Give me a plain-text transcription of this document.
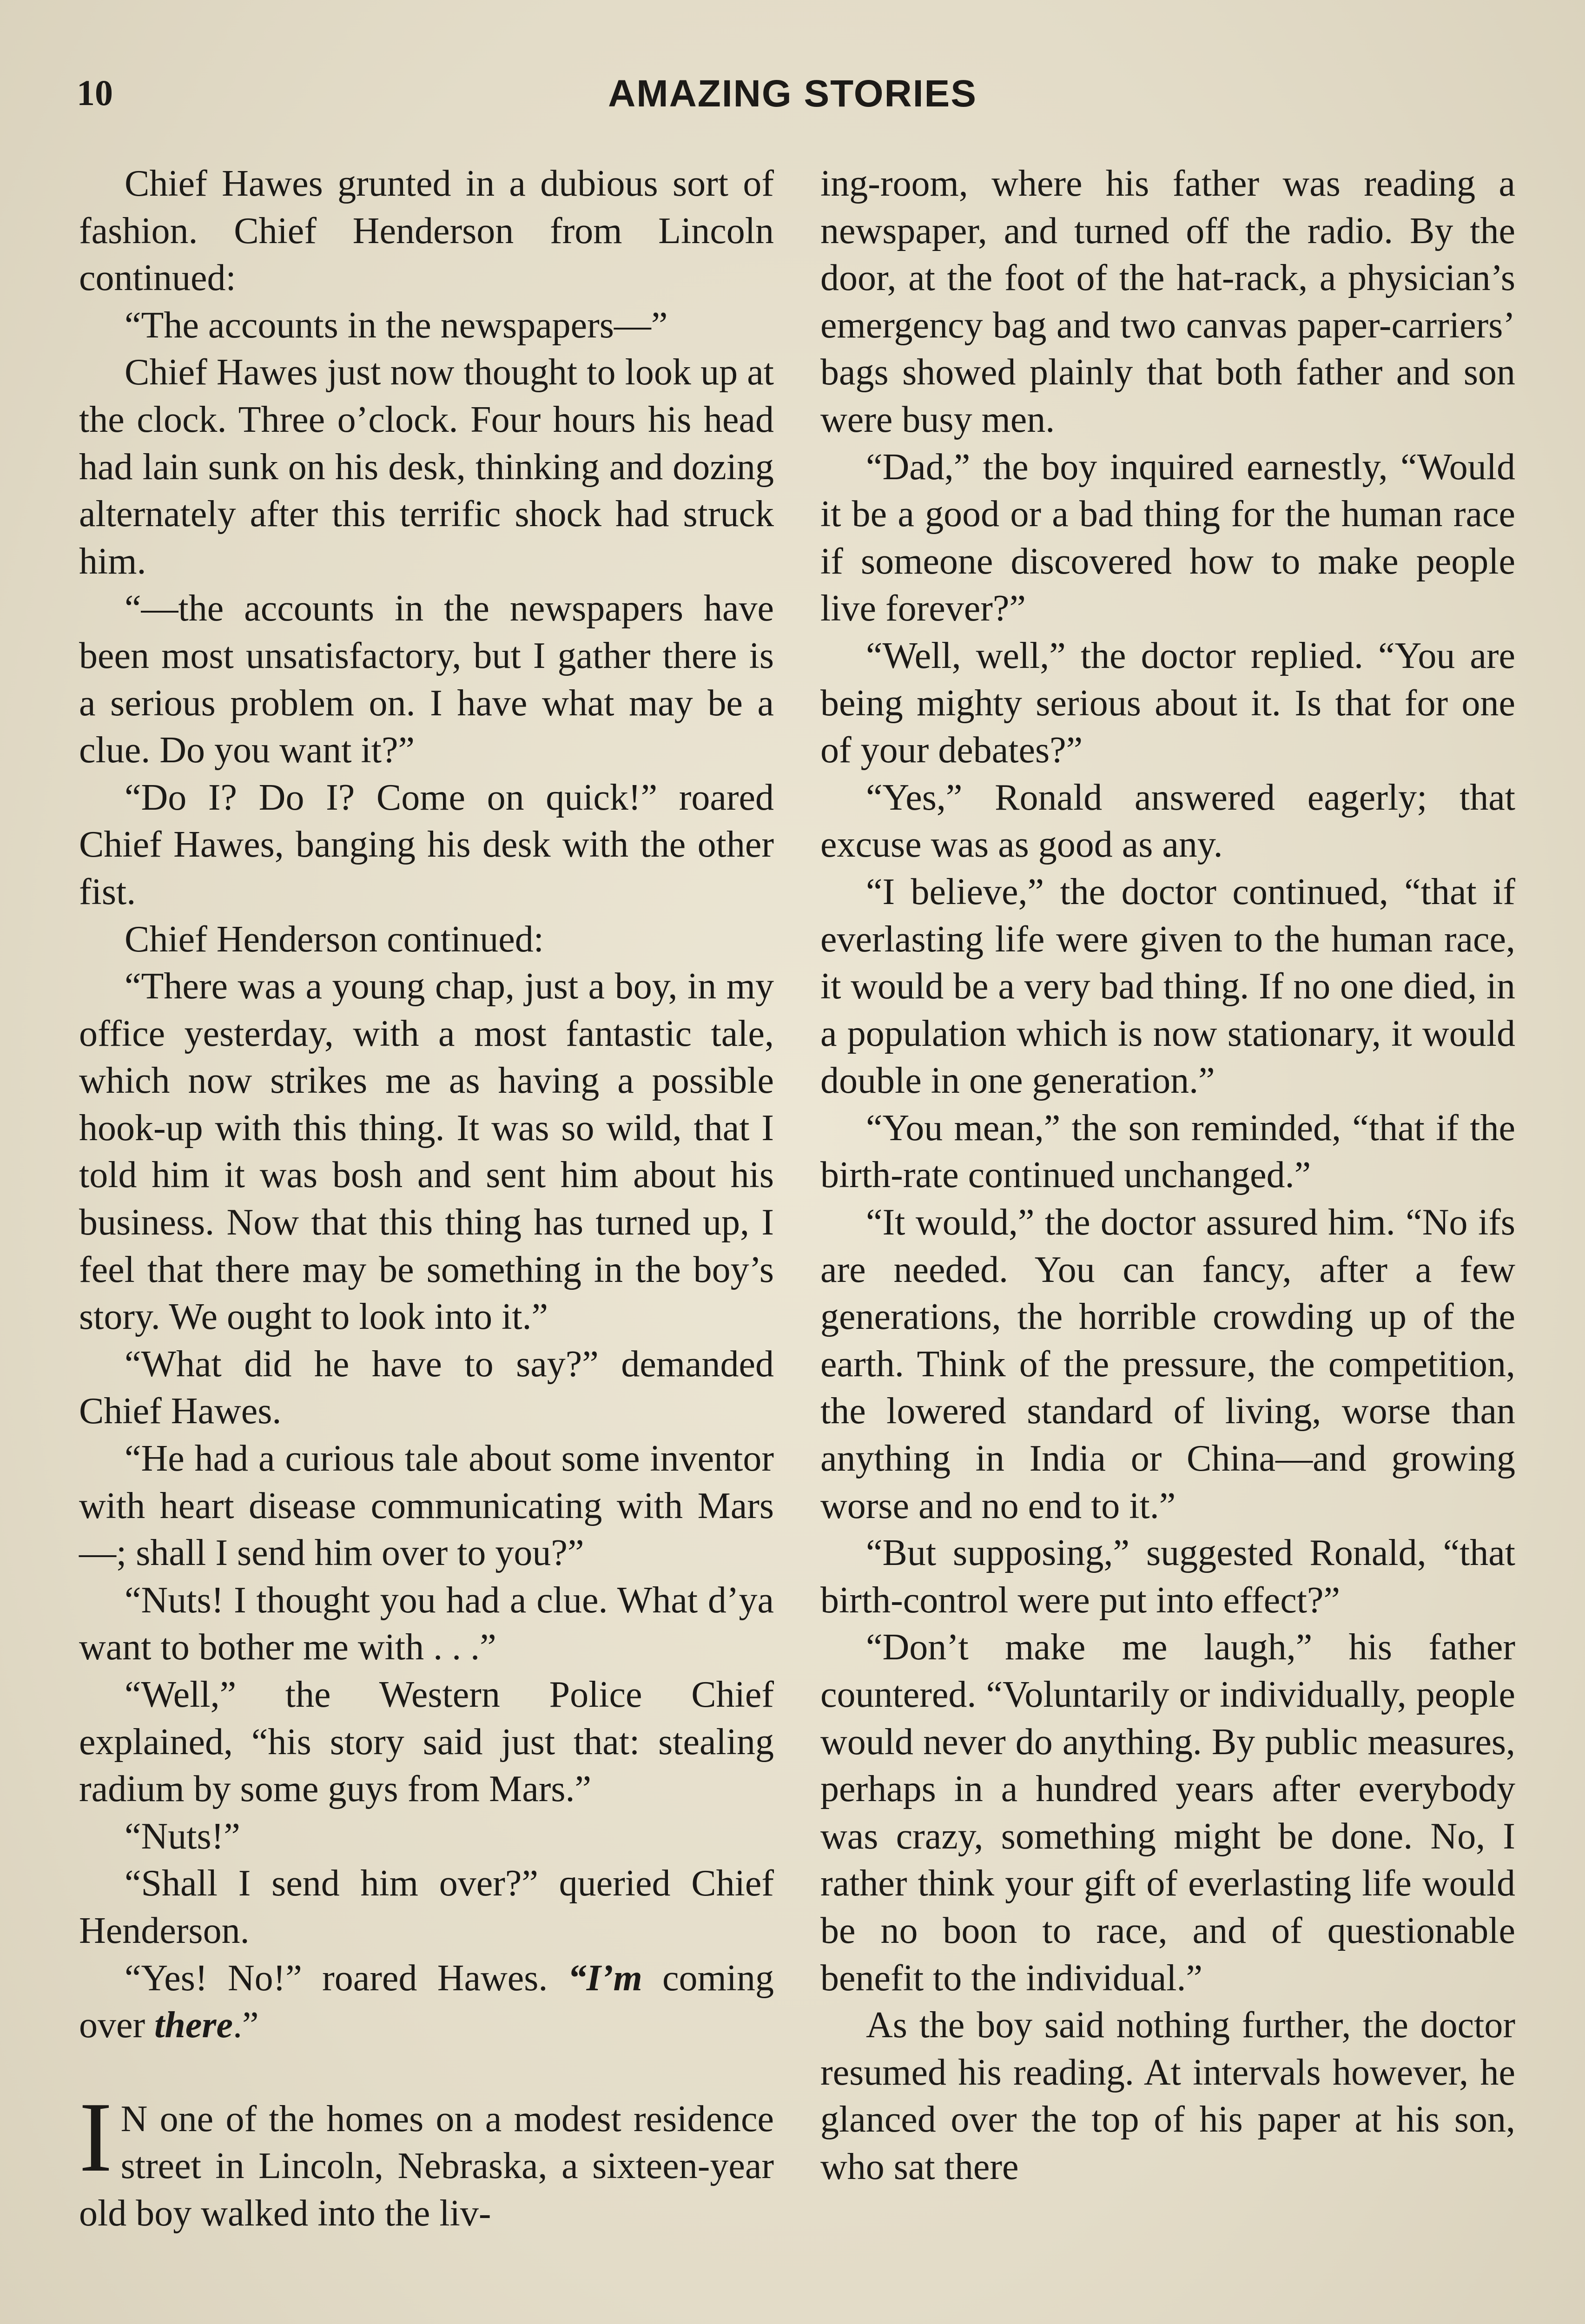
10	AMAZING STORIES

Chief Hawes grunted in a dubious sort of fashion. Chief Henderson from Lincoln continued:

“The accounts in the newspapers—”

Chief Hawes just now thought to look up at the clock. Three o’clock. Four hours his head had lain sunk on his desk, thinking and dozing alternately after this terrific shock had struck him.

“—the accounts in the newspapers have been most unsatisfactory, but I gather there is a serious problem on. I have what may be a clue. Do you want it?”

“Do I? Do I? Come on quick!” roared Chief Hawes, banging his desk with the other fist.

Chief Henderson continued:

“There was a young chap, just a boy, in my office yesterday, with a most fantastic tale, which now strikes me as having a possible hook-up with this thing. It was so wild, that I told him it was bosh and sent him about his business. Now that this thing has turned up, I feel that there may be something in the boy’s story. We ought to look into it.”

“What did he have to say?” demanded Chief Hawes.

“He had a curious tale about some inventor with heart disease communicating with Mars—; shall I send him over to you?”

“Nuts! I thought you had a clue. What d’ya want to bother me with . . .”

“Well,” the Western Police Chief explained, “his story said just that: stealing radium by some guys from Mars.”

“Nuts!”

“Shall I send him over?” queried Chief Henderson.

“Yes! No!” roared Hawes. “I’m coming over there.”

I N one of the homes on a modest residence street in Lincoln, Nebraska, a sixteen-year old boy walked into the liv-

ing-room, where his father was reading a newspaper, and turned off the radio. By the door, at the foot of the hat-rack, a physician’s emergency bag and two canvas paper-carriers’ bags showed plainly that both father and son were busy men.

“Dad,” the boy inquired earnestly, “Would it be a good or a bad thing for the human race if someone discovered how to make people live forever?”

“Well, well,” the doctor replied. “You are being mighty serious about it. Is that for one of your debates?”

“Yes,” Ronald answered eagerly; that excuse was as good as any.

“I believe,” the doctor continued, “that if everlasting life were given to the human race, it would be a very bad thing. If no one died, in a population which is now stationary, it would double in one generation.”

“You mean,” the son reminded, “that if the birth-rate continued unchanged.”

“It would,” the doctor assured him. “No ifs are needed. You can fancy, after a few generations, the horrible crowding up of the earth. Think of the pressure, the competition, the lowered standard of living, worse than anything in India or China—and growing worse and no end to it.”

“But supposing,” suggested Ronald, “that birth-control were put into effect?”

“Don’t make me laugh,” his father countered. “Voluntarily or individually, people would never do anything. By public measures, perhaps in a hundred years after everybody was crazy, something might be done. No, I rather think your gift of everlasting life would be no boon to race, and of questionable benefit to the individual.”

As the boy said nothing further, the doctor resumed his reading. At intervals however, he glanced over the top of his paper at his son, who sat there
